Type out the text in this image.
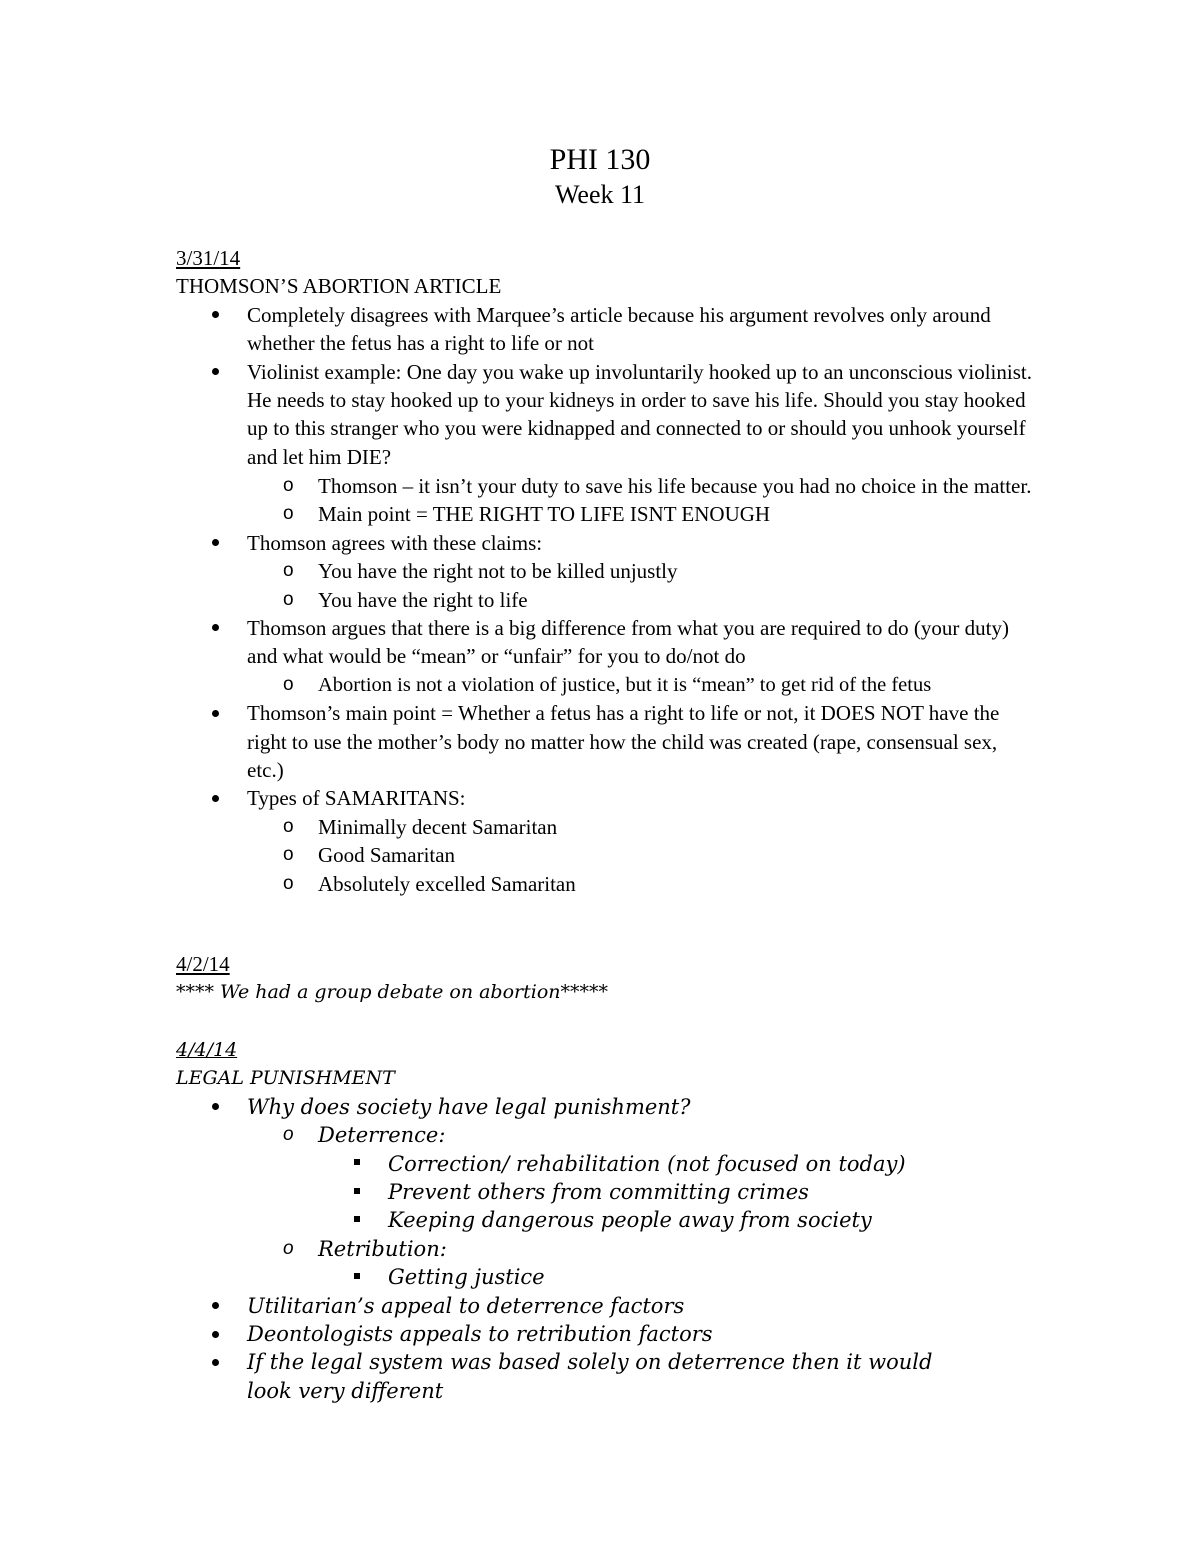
PHI 130
Week 11
3/31/14
THOMSON’S ABORTION ARTICLE
Completely disagrees with Marquee’s article because his argument revolves only around whether the fetus has a right to life or not
Violinist example: One day you wake up involuntarily hooked up to an unconscious violinist. He needs to stay hooked up to your kidneys in order to save his life. Should you stay hooked up to this stranger who you were kidnapped and connected to or should you unhook yourself and let him DIE?
o Thomson – it isn’t your duty to save his life because you had no choice in the matter.
o Main point = THE RIGHT TO LIFE ISNT ENOUGH
Thomson agrees with these claims:
o You have the right not to be killed unjustly
o You have the right to life
Thomson argues that there is a big difference from what you are required to do (your duty) and what would be “mean” or “unfair” for you to do/not do
o Abortion is not a violation of justice, but it is “mean” to get rid of the fetus
Thomson’s main point = Whether a fetus has a right to life or not, it DOES NOT have the right to use the mother’s body no matter how the child was created (rape, consensual sex, etc.)
Types of SAMARITANS:
o Minimally decent Samaritan
o Good Samaritan
o Absolutely excelled Samaritan
4/2/14
**** We had a group debate on abortion*****
4/4/14
LEGAL PUNISHMENT
Why does society have legal punishment?
o Deterrence:
Correction/ rehabilitation (not focused on today)
Prevent others from committing crimes
Keeping dangerous people away from society
o Retribution:
Getting justice
Utilitarian’s appeal to deterrence factors
Deontologists appeals to retribution factors
If the legal system was based solely on deterrence then it would look very different
